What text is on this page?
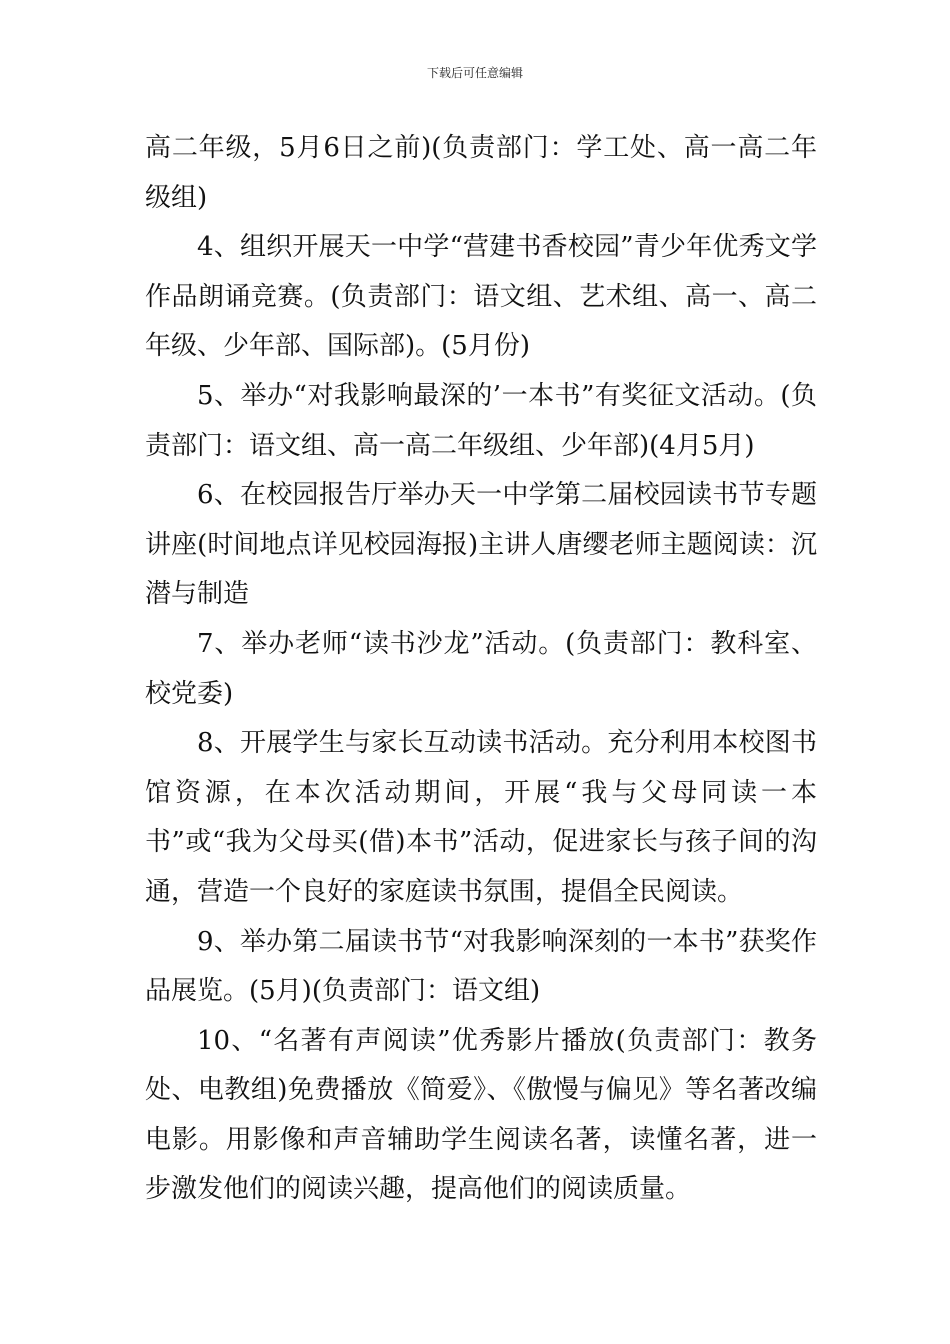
下载后可任意编辑

高二年级，5月6日之前)(负责部门：学工处、高一高二年级组)

4、组织开展天一中学“营建书香校园”青少年优秀文学作品朗诵竞赛。(负责部门：语文组、艺术组、高一、高二年级、少年部、国际部)。(5月份)

5、举办“对我影响最深的’一本书”有奖征文活动。(负责部门：语文组、高一高二年级组、少年部)(4月5月)

6、在校园报告厅举办天一中学第二届校园读书节专题讲座(时间地点详见校园海报)主讲人唐缨老师主题阅读：沉潜与制造

7、举办老师“读书沙龙”活动。(负责部门：教科室、校党委)

8、开展学生与家长互动读书活动。充分利用本校图书馆资源，在本次活动期间，开展“我与父母同读一本书”或“我为父母买(借)本书”活动，促进家长与孩子间的沟通，营造一个良好的家庭读书氛围，提倡全民阅读。

9、举办第二届读书节“对我影响深刻的一本书”获奖作品展览。(5月)(负责部门：语文组)

10、“名著有声阅读”优秀影片播放(负责部门：教务处、电教组)免费播放《简爱》、《傲慢与偏见》等名著改编电影。用影像和声音辅助学生阅读名著，读懂名著，进一步激发他们的阅读兴趣，提高他们的阅读质量。
